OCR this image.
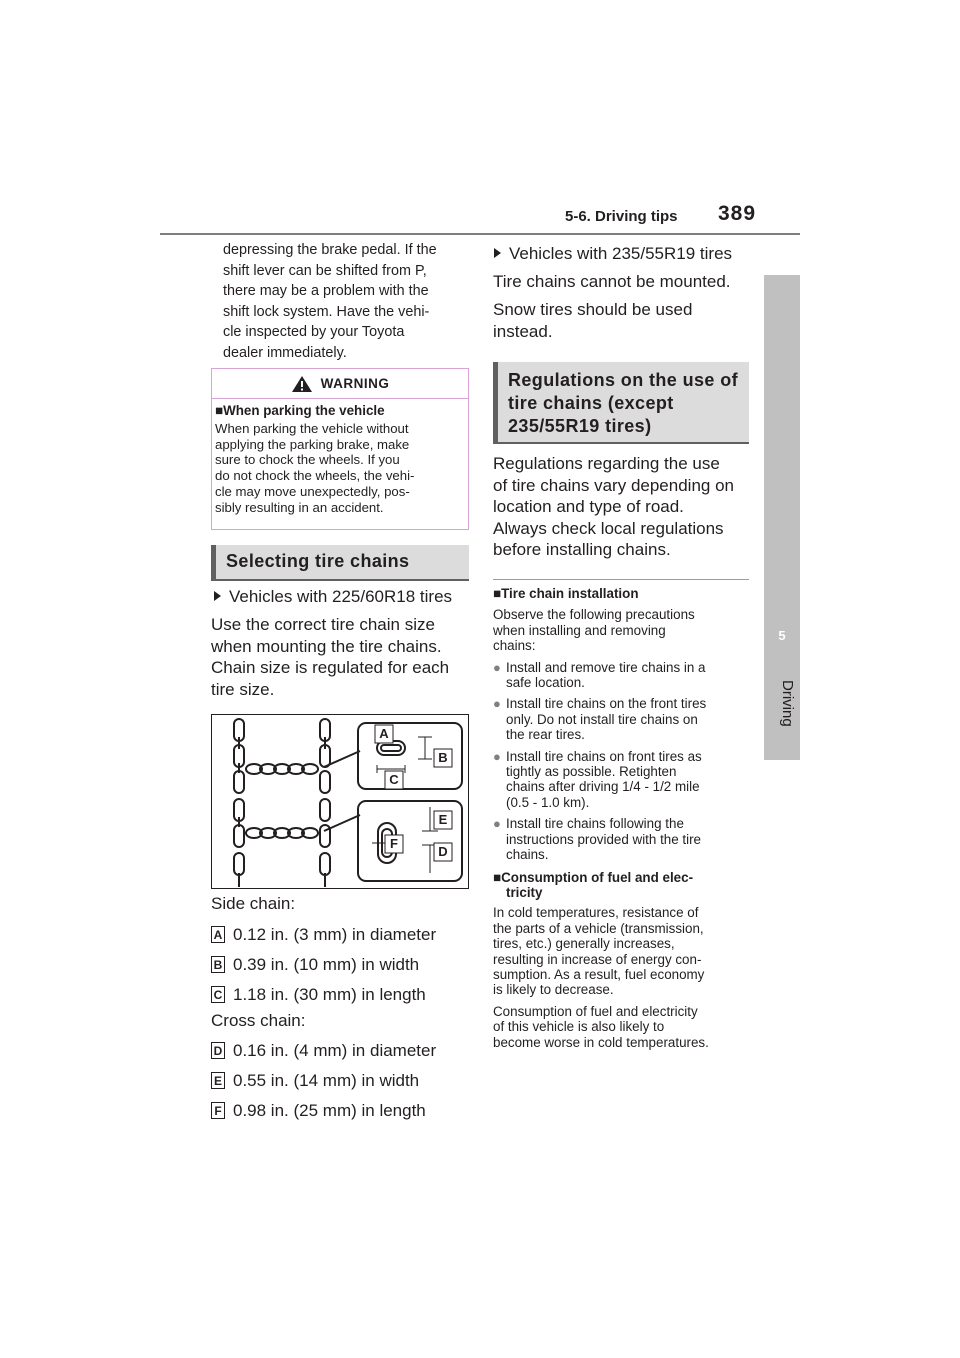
5-6. Driving tips 389
5
Driving
depressing the brake pedal. If the
shift lever can be shifted from P,
there may be a problem with the
shift lock system. Have the vehi-
cle inspected by your Toyota
dealer immediately.
WARNING
■When parking the vehicle
When parking the vehicle without
applying the parking brake, make
sure to chock the wheels. If you
do not chock the wheels, the vehi-
cle may move unexpectedly, pos-
sibly resulting in an accident.
Selecting tire chains
Vehicles with 225/60R18 tires
Use the correct tire chain size
when mounting the tire chains.
Chain size is regulated for each
tire size.
A
B
C
E
F
D
Side chain:
A 0.12 in. (3 mm) in diameter
B 0.39 in. (10 mm) in width
C 1.18 in. (30 mm) in length
Cross chain:
D 0.16 in. (4 mm) in diameter
E 0.55 in. (14 mm) in width
F 0.98 in. (25 mm) in length
Vehicles with 235/55R19 tires
Tire chains cannot be mounted.
Snow tires should be used
instead.
Regulations on the use of
tire chains (except
235/55R19 tires)
Regulations regarding the use
of tire chains vary depending on
location and type of road.
Always check local regulations
before installing chains.
■Tire chain installation
Observe the following precautions
when installing and removing
chains:
● Install and remove tire chains in a
safe location.
● Install tire chains on the front tires
only. Do not install tire chains on
the rear tires.
● Install tire chains on front tires as
tightly as possible. Retighten
chains after driving 1/4 - 1/2 mile
(0.5 - 1.0 km).
● Install tire chains following the
instructions provided with the tire
chains.
■Consumption of fuel and elec-
tricity
In cold temperatures, resistance of
the parts of a vehicle (transmission,
tires, etc.) generally increases,
resulting in increase of energy con-
sumption. As a result, fuel economy
is likely to decrease.
Consumption of fuel and electricity
of this vehicle is also likely to
become worse in cold temperatures.
